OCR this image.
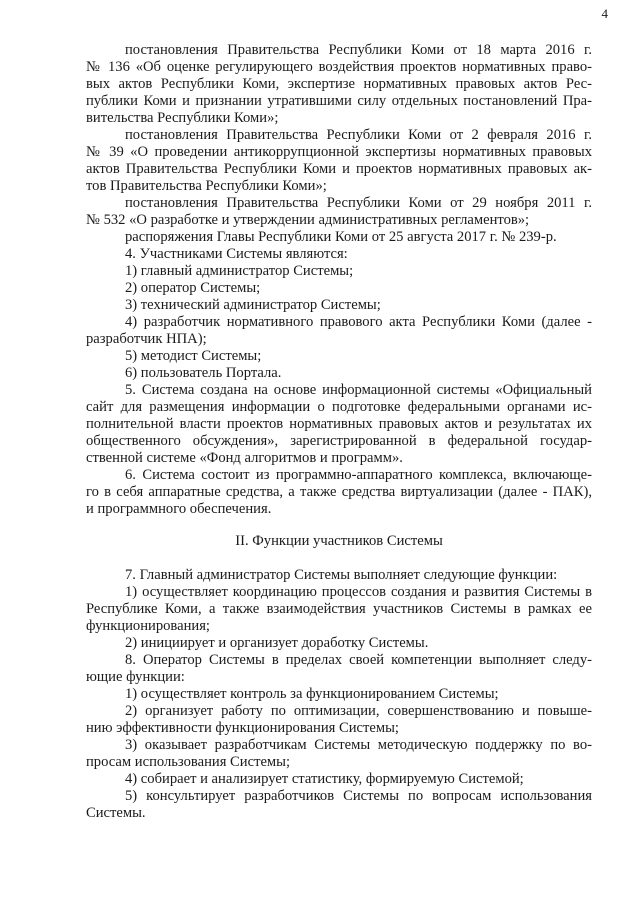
4
постановления Правительства Республики Коми от 18 марта 2016 г.
№ 136 «Об оценке регулирующего воздействия проектов нормативных право-
вых актов Республики Коми, экспертизе нормативных правовых актов Рес-
публики Коми и признании утратившими силу отдельных постановлений Пра-
вительства Республики Коми»;
постановления Правительства Республики Коми от 2 февраля 2016 г.
№ 39 «О проведении антикоррупционной экспертизы нормативных правовых
актов Правительства Республики Коми и проектов нормативных правовых ак-
тов Правительства Республики Коми»;
постановления Правительства Республики Коми от 29 ноября 2011 г.
№ 532 «О разработке и утверждении административных регламентов»;
распоряжения Главы Республики Коми от 25 августа 2017 г. № 239-р.
4. Участниками Системы являются:
1) главный администратор Системы;
2) оператор Системы;
3) технический администратор Системы;
4) разработчик нормативного правового акта Республики Коми (далее -
разработчик НПА);
5) методист Системы;
6) пользователь Портала.
5. Система создана на основе информационной системы «Официальный
сайт для размещения информации о подготовке федеральными органами ис-
полнительной власти проектов нормативных правовых актов и результатах их
общественного обсуждения», зарегистрированной в федеральной государ-
ственной системе «Фонд алгоритмов и программ».
6. Система состоит из программно-аппаратного комплекса, включающе-
го в себя аппаратные средства, а также средства виртуализации (далее - ПАК),
и программного обеспечения.
II. Функции участников Системы
7. Главный администратор Системы выполняет следующие функции:
1) осуществляет координацию процессов создания и развития Системы в
Республике Коми, а также взаимодействия участников Системы в рамках ее
функционирования;
2) инициирует и организует доработку Системы.
8. Оператор Системы в пределах своей компетенции выполняет следу-
ющие функции:
1) осуществляет контроль за функционированием Системы;
2) организует работу по оптимизации, совершенствованию и повыше-
нию эффективности функционирования Системы;
3) оказывает разработчикам Системы методическую поддержку по во-
просам использования Системы;
4) собирает и анализирует статистику, формируемую Системой;
5) консультирует разработчиков Системы по вопросам использования
Системы.
